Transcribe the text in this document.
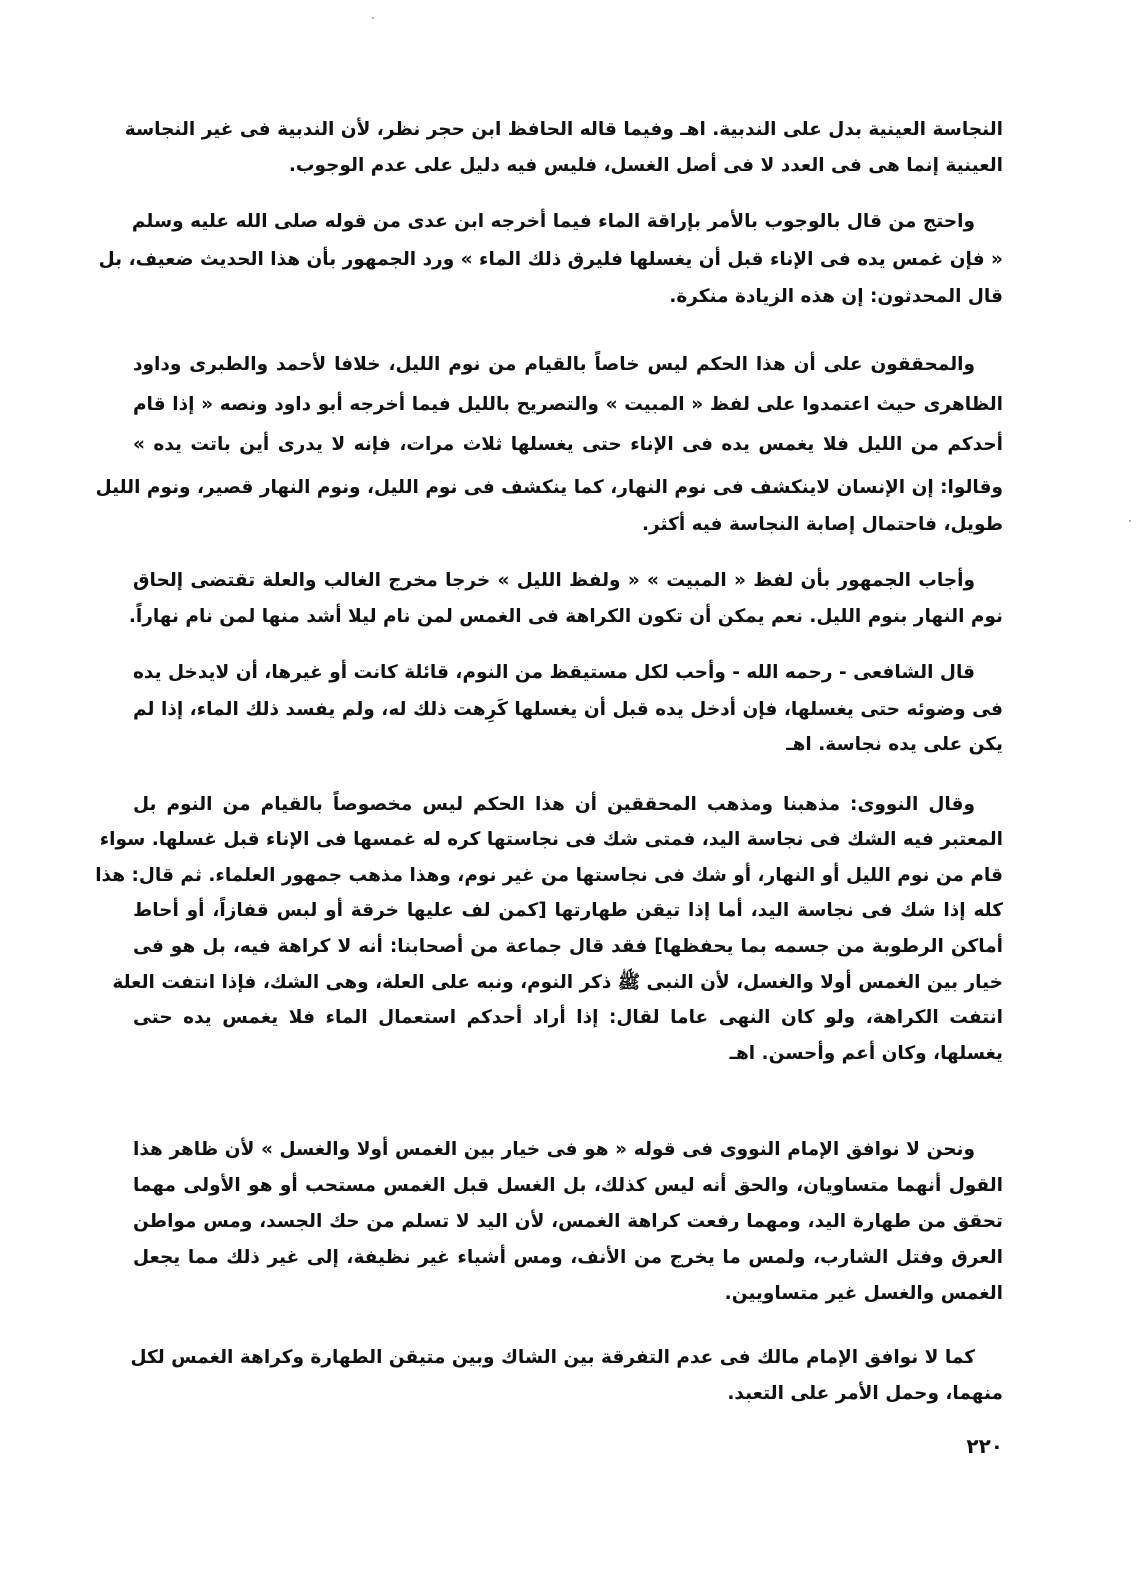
النجاسة العينية بدل على الندبية. اهـ وفيما قاله الحافظ ابن حجر نظر، لأن الندبية فى غير النجاسة
العينية إنما هى فى العدد لا فى أصل الغسل، فليس فيه دليل على عدم الوجوب.
واحتج من قال بالوجوب بالأمر بإراقة الماء فيما أخرجه ابن عدى من قوله صلى الله عليه وسلم
« فإن غمس يده فى الإناء قبل أن يغسلها فليرق ذلك الماء » ورد الجمهور بأن هذا الحديث ضعيف، بل
قال المحدثون: إن هذه الزيادة منكرة.
والمحققون على أن هذا الحكم ليس خاصاً بالقيام من نوم الليل، خلافا لأحمد والطبرى وداود
الظاهرى حيث اعتمدوا على لفظ « المبيت » والتصريح بالليل فيما أخرجه أبو داود ونصه « إذا قام
أحدكم من الليل فلا يغمس يده فى الإناء حتى يغسلها ثلاث مرات، فإنه لا يدرى أين باتت يده »
وقالوا: إن الإنسان لاينكشف فى نوم النهار، كما ينكشف فى نوم الليل، ونوم النهار قصير، ونوم الليل
طويل، فاحتمال إصابة النجاسة فيه أكثر.
وأجاب الجمهور بأن لفظ « المبيت » « ولفظ الليل » خرجا مخرج الغالب والعلة تقتضى إلحاق
نوم النهار بنوم الليل. نعم يمكن أن تكون الكراهة فى الغمس لمن نام ليلا أشد منها لمن نام نهاراً.
قال الشافعى - رحمه الله - وأحب لكل مستيقظ من النوم، قائلة كانت أو غيرها، أن لايدخل يده
فى وضوئه حتى يغسلها، فإن أدخل يده قبل أن يغسلها كَرِهت ذلك له، ولم يفسد ذلك الماء، إذا لم
يكن على يده نجاسة. اهـ
وقال النووى: مذهبنا ومذهب المحققين أن هذا الحكم ليس مخصوصاً بالقيام من النوم بل
المعتبر فيه الشك فى نجاسة اليد، فمتى شك فى نجاستها كره له غمسها فى الإناء قبل غسلها. سواء
قام من نوم الليل أو النهار، أو شك فى نجاستها من غير نوم، وهذا مذهب جمهور العلماء. ثم قال: هذا
كله إذا شك فى نجاسة اليد، أما إذا تيقن طهارتها [كمن لف عليها خرقة أو لبس قفازاً، أو أحاط
أماكن الرطوبة من جسمه بما يحفظها] فقد قال جماعة من أصحابنا: أنه لا كراهة فيه، بل هو فى
خيار بين الغمس أولا والغسل، لأن النبى ﷺ ذكر النوم، ونبه على العلة، وهى الشك، فإذا انتفت العلة
انتفت الكراهة، ولو كان النهى عاما لقال: إذا أراد أحدكم استعمال الماء فلا يغمس يده حتى
يغسلها، وكان أعم وأحسن. اهـ
ونحن لا نوافق الإمام النووى فى قوله « هو فى خيار بين الغمس أولا والغسل » لأن ظاهر هذا
القول أنهما متساويان، والحق أنه ليس كذلك، بل الغسل قبل الغمس مستحب أو هو الأولى مهما
تحقق من طهارة اليد، ومهما رفعت كراهة الغمس، لأن اليد لا تسلم من حك الجسد، ومس مواطن
العرق وفتل الشارب، ولمس ما يخرج من الأنف، ومس أشياء غير نظيفة، إلى غير ذلك مما يجعل
الغمس والغسل غير متساويين.
كما لا نوافق الإمام مالك فى عدم التفرقة بين الشاك وبين متيقن الطهارة وكراهة الغمس لكل
منهما، وحمل الأمر على التعبد.
٢٢٠
